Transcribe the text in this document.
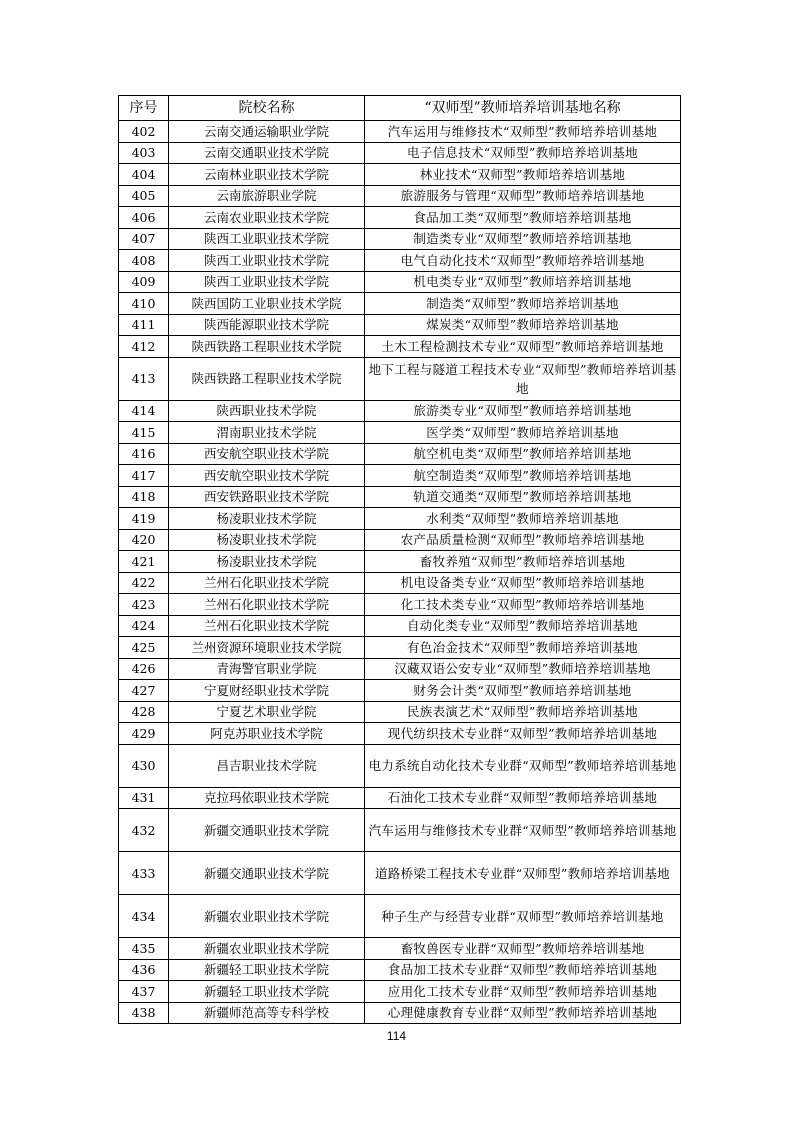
序号	院校名称	“双师型”教师培养培训基地名称
402	云南交通运输职业学院	汽车运用与维修技术“双师型”教师培养培训基地
403	云南交通职业技术学院	电子信息技术“双师型”教师培养培训基地
404	云南林业职业技术学院	林业技术“双师型”教师培养培训基地
405	云南旅游职业学院	旅游服务与管理“双师型”教师培养培训基地
406	云南农业职业技术学院	食品加工类“双师型”教师培养培训基地
407	陕西工业职业技术学院	制造类专业“双师型”教师培养培训基地
408	陕西工业职业技术学院	电气自动化技术“双师型”教师培养培训基地
409	陕西工业职业技术学院	机电类专业“双师型”教师培养培训基地
410	陕西国防工业职业技术学院	制造类“双师型”教师培养培训基地
411	陕西能源职业技术学院	煤炭类“双师型”教师培养培训基地
412	陕西铁路工程职业技术学院	土木工程检测技术专业“双师型”教师培养培训基地
413	陕西铁路工程职业技术学院	地下工程与隧道工程技术专业“双师型”教师培养培训基地
414	陕西职业技术学院	旅游类专业“双师型”教师培养培训基地
415	渭南职业技术学院	医学类“双师型”教师培养培训基地
416	西安航空职业技术学院	航空机电类“双师型”教师培养培训基地
417	西安航空职业技术学院	航空制造类“双师型”教师培养培训基地
418	西安铁路职业技术学院	轨道交通类“双师型”教师培养培训基地
419	杨凌职业技术学院	水利类“双师型”教师培养培训基地
420	杨凌职业技术学院	农产品质量检测“双师型”教师培养培训基地
421	杨凌职业技术学院	畜牧养殖“双师型”教师培养培训基地
422	兰州石化职业技术学院	机电设备类专业“双师型”教师培养培训基地
423	兰州石化职业技术学院	化工技术类专业“双师型”教师培养培训基地
424	兰州石化职业技术学院	自动化类专业“双师型”教师培养培训基地
425	兰州资源环境职业技术学院	有色冶金技术“双师型”教师培养培训基地
426	青海警官职业学院	汉藏双语公安专业“双师型”教师培养培训基地
427	宁夏财经职业技术学院	财务会计类“双师型”教师培养培训基地
428	宁夏艺术职业学院	民族表演艺术“双师型”教师培养培训基地
429	阿克苏职业技术学院	现代纺织技术专业群“双师型”教师培养培训基地
430	昌吉职业技术学院	电力系统自动化技术专业群“双师型”教师培养培训基地
431	克拉玛依职业技术学院	石油化工技术专业群“双师型”教师培养培训基地
432	新疆交通职业技术学院	汽车运用与维修技术专业群“双师型”教师培养培训基地
433	新疆交通职业技术学院	道路桥梁工程技术专业群“双师型”教师培养培训基地
434	新疆农业职业技术学院	种子生产与经营专业群“双师型”教师培养培训基地
435	新疆农业职业技术学院	畜牧兽医专业群“双师型”教师培养培训基地
436	新疆轻工职业技术学院	食品加工技术专业群“双师型”教师培养培训基地
437	新疆轻工职业技术学院	应用化工技术专业群“双师型”教师培养培训基地
438	新疆师范高等专科学校	心理健康教育专业群“双师型”教师培养培训基地
114
